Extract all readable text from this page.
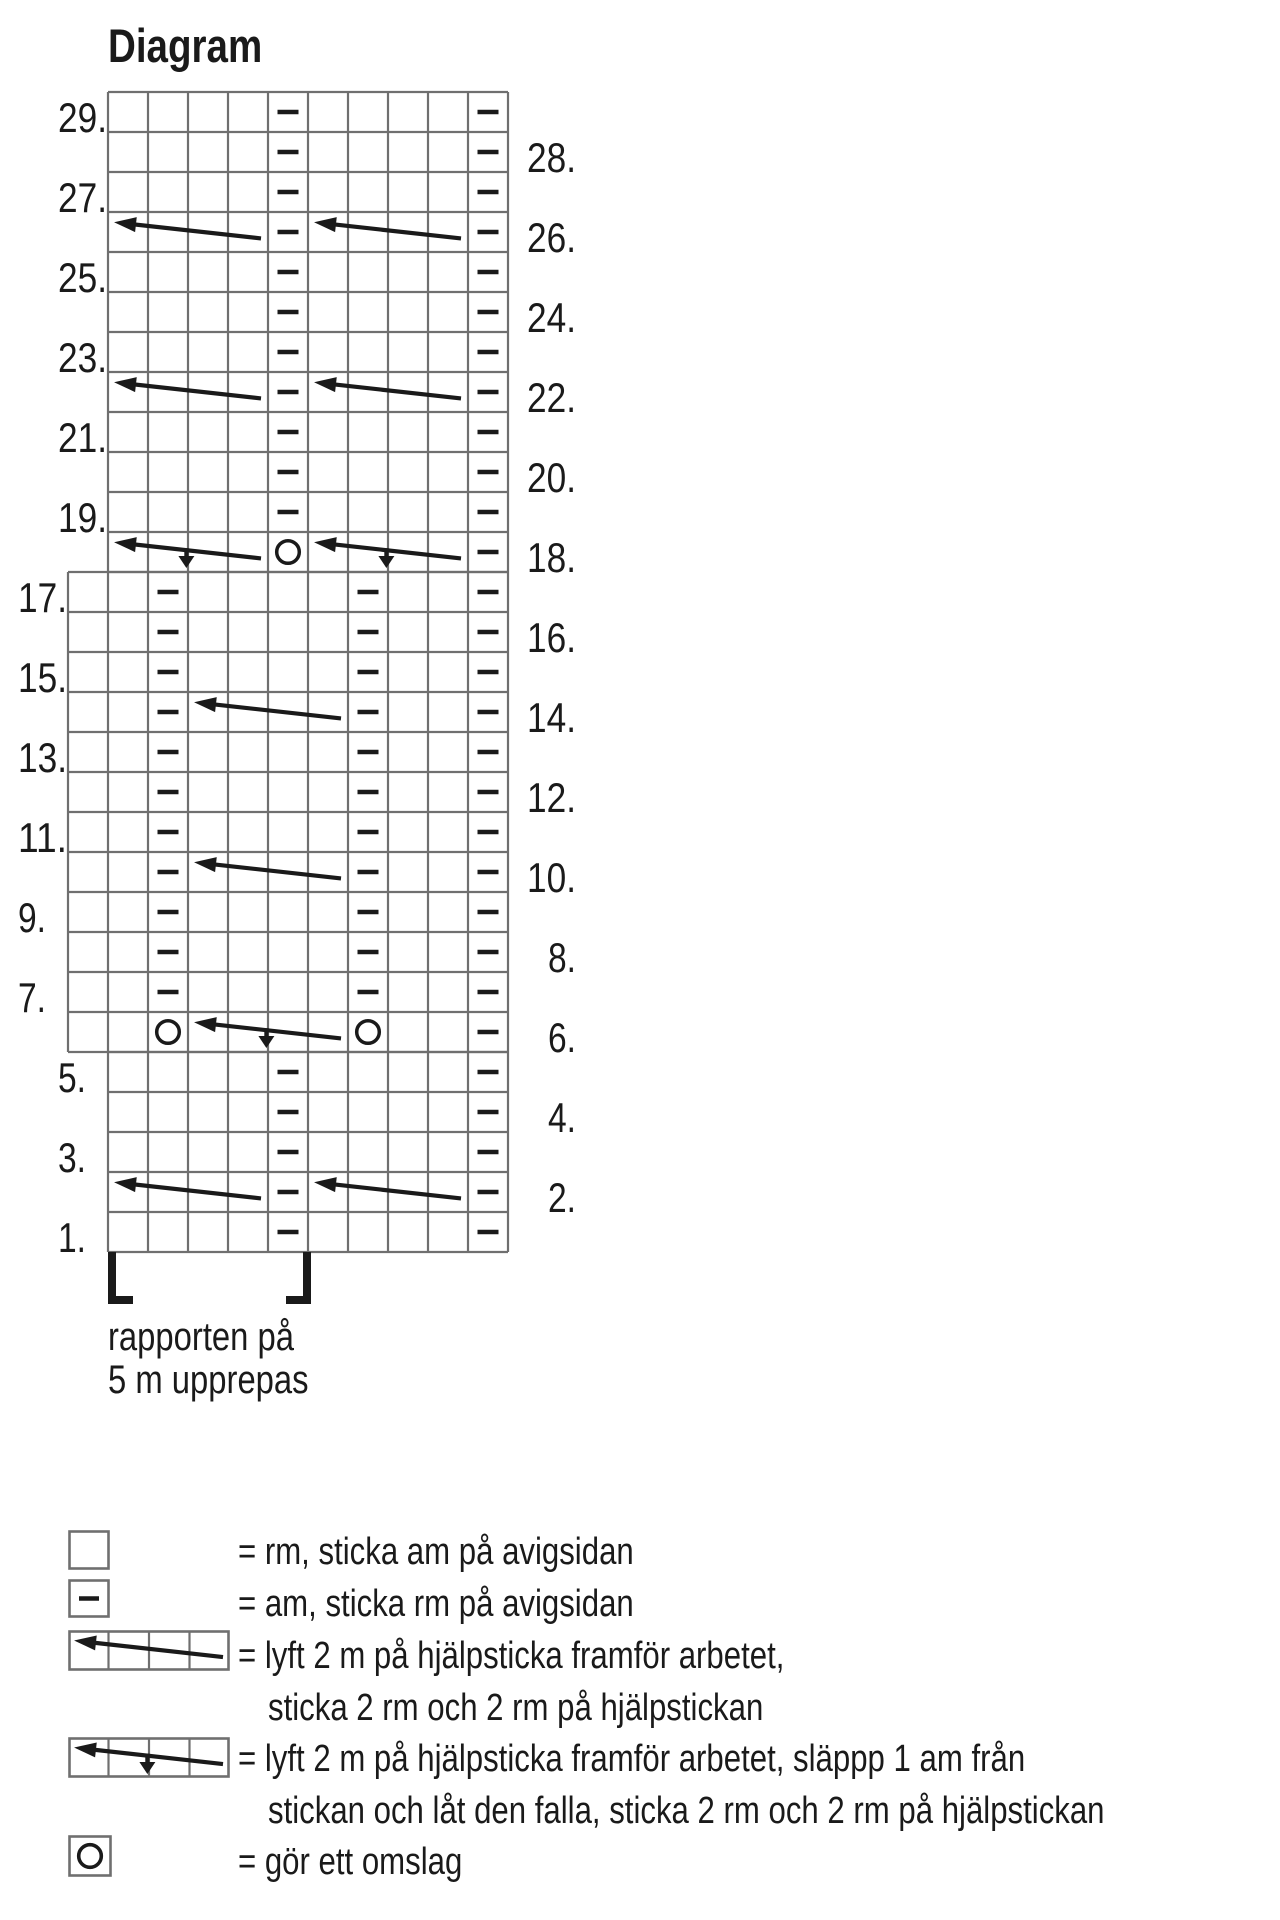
Diagram
29.
28.
27.
26.
25.
24.
23.
22.
21.
20.
19.
18.
17.
16.
15.
14.
13.
12.
11.
10.
9.
8.
7.
6.
5.
4.
3.
2.
1.
rapporten på
5 m upprepas
= rm, sticka am på avigsidan
= am, sticka rm på avigsidan
= lyft 2 m på hjälpsticka framför arbetet,
sticka 2 rm och 2 rm på hjälpstickan
= lyft 2 m på hjälpsticka framför arbetet, släppp 1 am från
stickan och låt den falla, sticka 2 rm och 2 rm på hjälpstickan
= gör ett omslag
